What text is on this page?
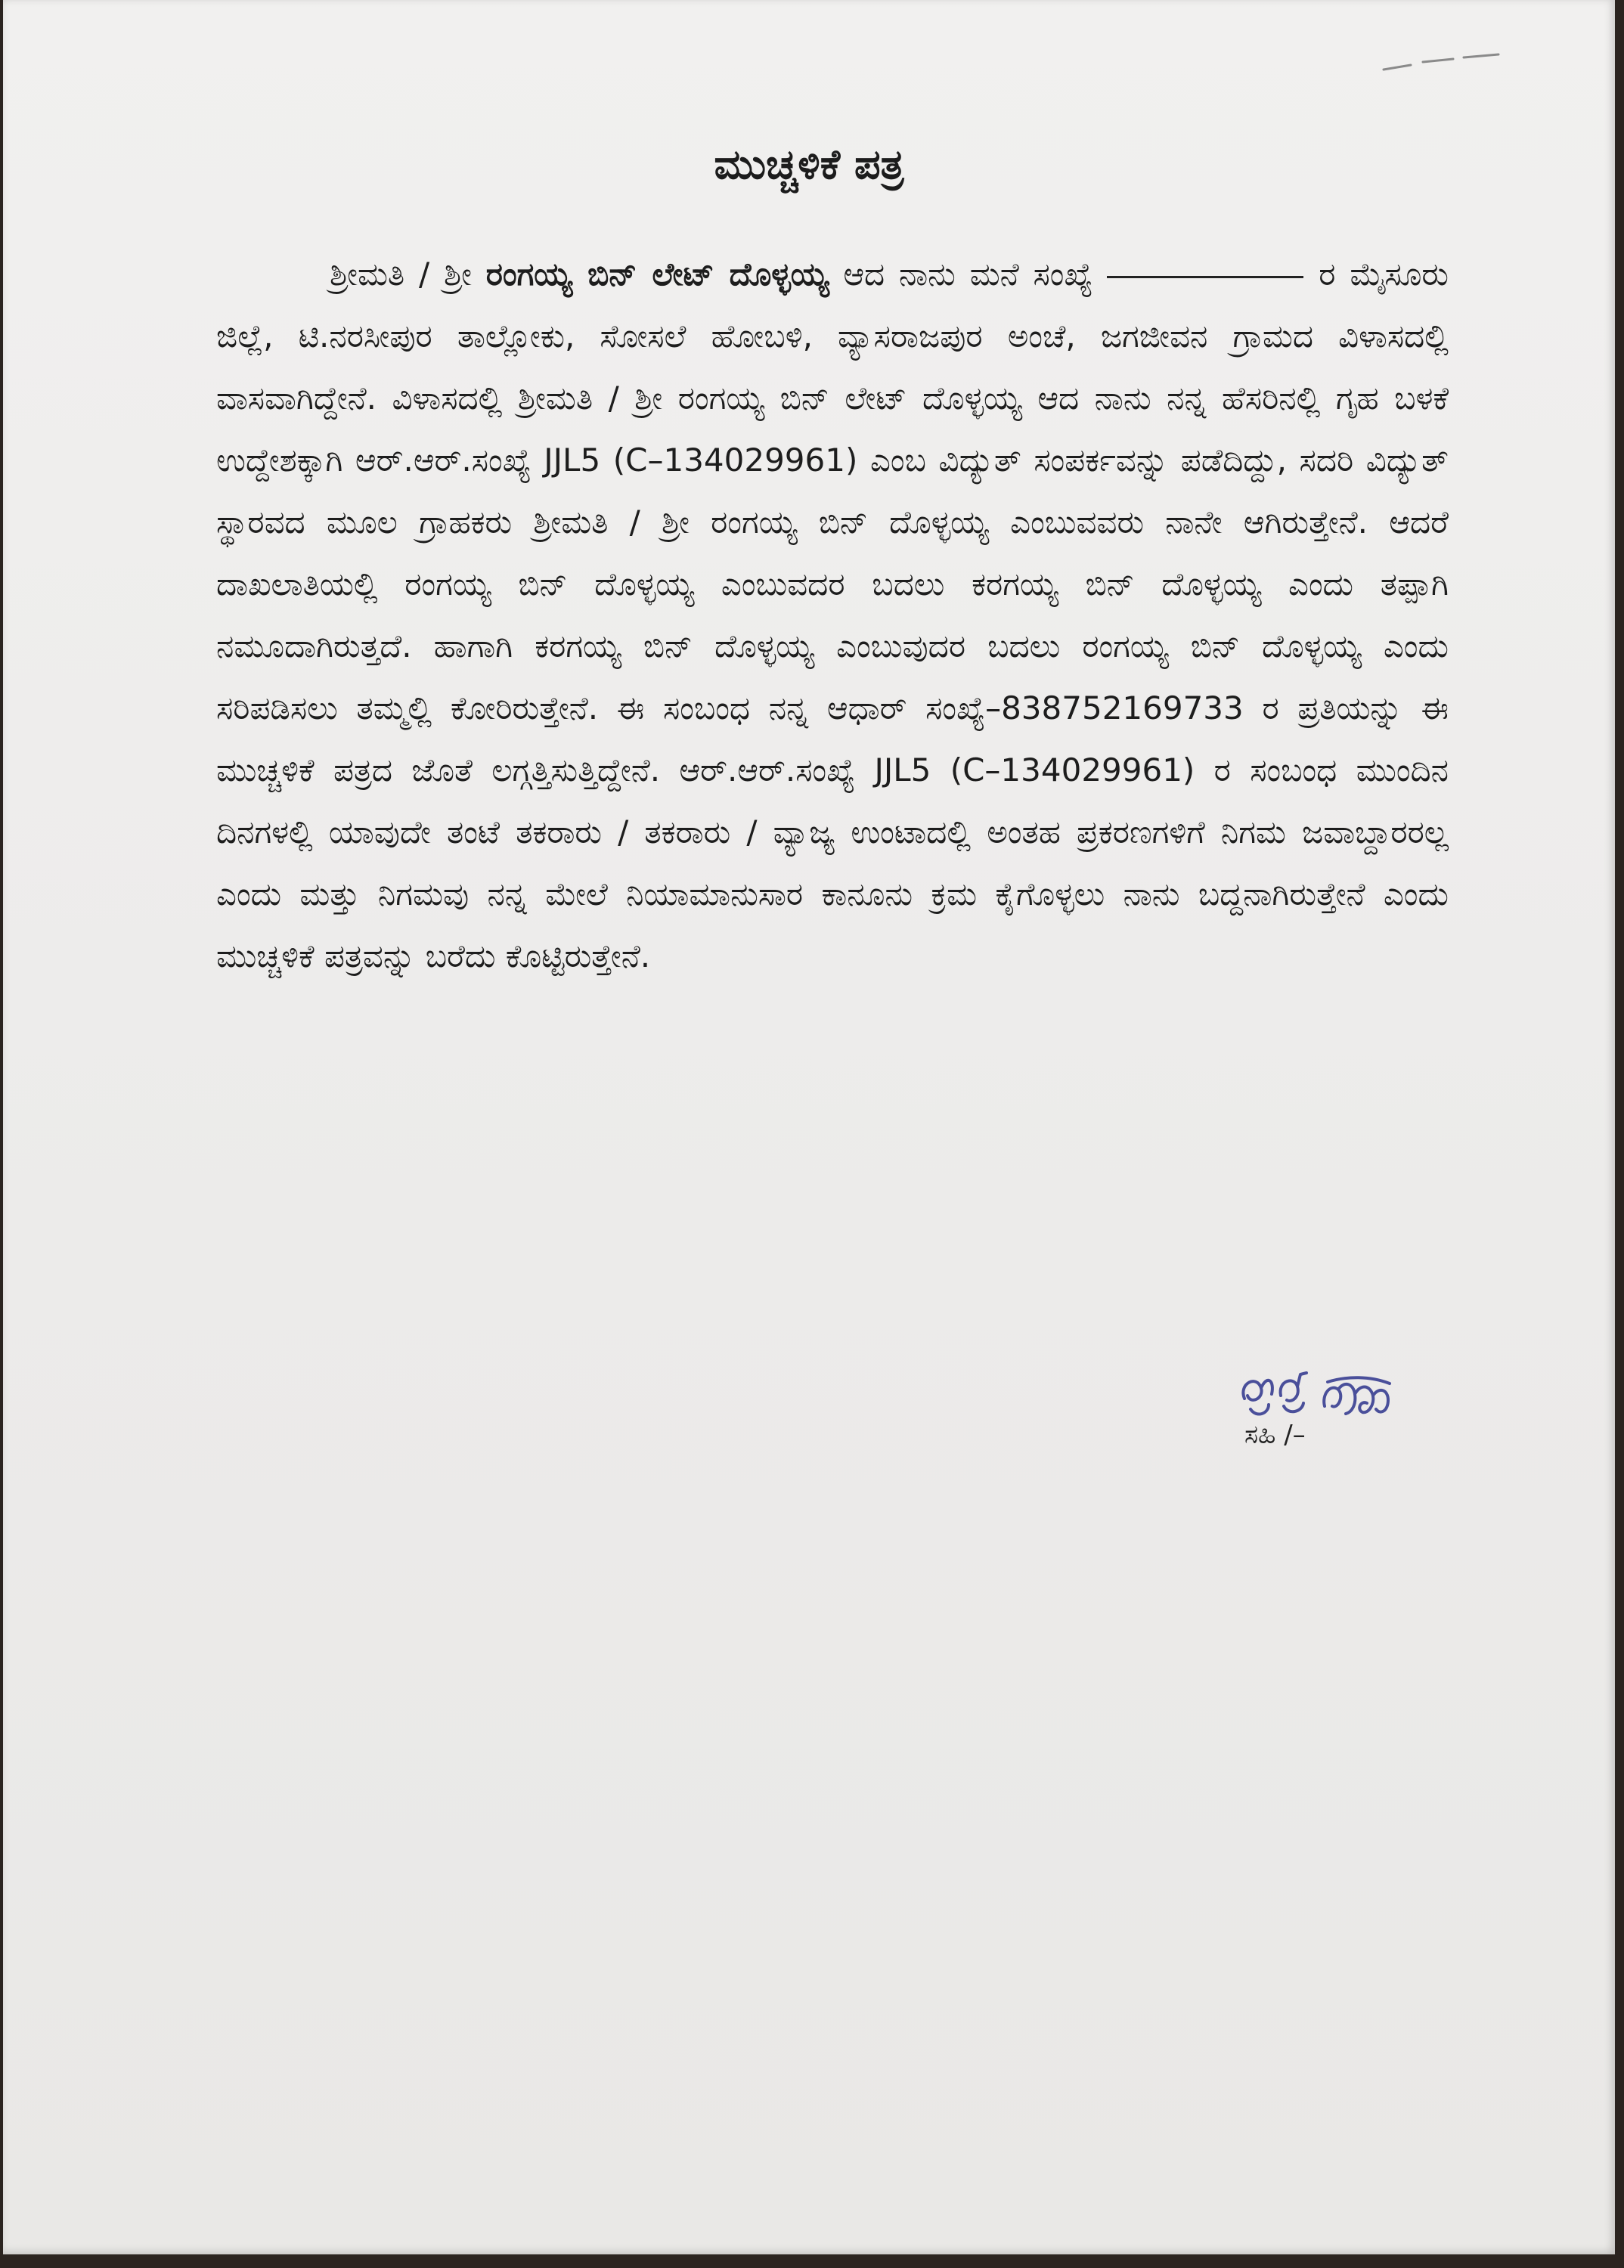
ಮುಚ್ಚಳಿಕೆ ಪತ್ರ

ಶ್ರೀಮತಿ / ಶ್ರೀ ರಂಗಯ್ಯ ಬಿನ್ ಲೇಟ್ ದೊಳ್ಳಯ್ಯ ಆದ ನಾನು ಮನೆ ಸಂಖ್ಯೆ	ರ ಮೈಸೂರು ಜಿಲ್ಲೆ, ಟಿ.ನರಸೀಪುರ ತಾಲ್ಲೋಕು, ಸೋಸಲೆ ಹೋಬಳಿ, ವ್ಯಾಸರಾಜಪುರ ಅಂಚೆ, ಜಗಜೀವನ ಗ್ರಾಮದ ವಿಳಾಸದಲ್ಲಿ ವಾಸವಾಗಿದ್ದೇನೆ. ವಿಳಾಸದಲ್ಲಿ ಶ್ರೀಮತಿ / ಶ್ರೀ ರಂಗಯ್ಯ ಬಿನ್ ಲೇಟ್ ದೊಳ್ಳಯ್ಯ ಆದ ನಾನು ನನ್ನ ಹೆಸರಿನಲ್ಲಿ ಗೃಹ ಬಳಕೆ ಉದ್ದೇಶಕ್ಕಾಗಿ ಆರ್.ಆರ್.ಸಂಖ್ಯೆ JJL5 (C–134029961) ಎಂಬ ವಿದ್ಯುತ್ ಸಂಪರ್ಕವನ್ನು ಪಡೆದಿದ್ದು, ಸದರಿ ವಿದ್ಯುತ್ ಸ್ಥಾರವದ ಮೂಲ ಗ್ರಾಹಕರು ಶ್ರೀಮತಿ / ಶ್ರೀ ರಂಗಯ್ಯ ಬಿನ್ ದೊಳ್ಳಯ್ಯ ಎಂಬುವವರು ನಾನೇ ಆಗಿರುತ್ತೇನೆ. ಆದರೆ ದಾಖಲಾತಿಯಲ್ಲಿ ರಂಗಯ್ಯ ಬಿನ್ ದೊಳ್ಳಯ್ಯ ಎಂಬುವದರ ಬದಲು ಕರಗಯ್ಯ ಬಿನ್ ದೊಳ್ಳಯ್ಯ ಎಂದು ತಪ್ಪಾಗಿ ನಮೂದಾಗಿರುತ್ತದೆ. ಹಾಗಾಗಿ ಕರಗಯ್ಯ ಬಿನ್ ದೊಳ್ಳಯ್ಯ ಎಂಬುವುದರ ಬದಲು ರಂಗಯ್ಯ ಬಿನ್ ದೊಳ್ಳಯ್ಯ ಎಂದು ಸರಿಪಡಿಸಲು ತಮ್ಮಲ್ಲಿ ಕೋರಿರುತ್ತೇನೆ. ಈ ಸಂಬಂಧ ನನ್ನ ಆಧಾರ್ ಸಂಖ್ಯೆ–838752169733 ರ ಪ್ರತಿಯನ್ನು ಈ ಮುಚ್ಚಳಿಕೆ ಪತ್ರದ ಜೊತೆ ಲಗ್ಗತ್ತಿಸುತ್ತಿದ್ದೇನೆ. ಆರ್.ಆರ್.ಸಂಖ್ಯೆ JJL5 (C–134029961) ರ ಸಂಬಂಧ ಮುಂದಿನ ದಿನಗಳಲ್ಲಿ ಯಾವುದೇ ತಂಟೆ ತಕರಾರು / ತಕರಾರು / ವ್ಯಾಜ್ಯ ಉಂಟಾದಲ್ಲಿ ಅಂತಹ ಪ್ರಕರಣಗಳಿಗೆ ನಿಗಮ ಜವಾಬ್ದಾರರಲ್ಲ ಎಂದು ಮತ್ತು ನಿಗಮವು ನನ್ನ ಮೇಲೆ ನಿಯಾಮಾನುಸಾರ ಕಾನೂನು ಕ್ರಮ ಕೈಗೊಳ್ಳಲು ನಾನು ಬದ್ದನಾಗಿರುತ್ತೇನೆ ಎಂದು ಮುಚ್ಚಳಿಕೆ ಪತ್ರವನ್ನು ಬರೆದು ಕೊಟ್ಟಿರುತ್ತೇನೆ.

ಸಹಿ /–
